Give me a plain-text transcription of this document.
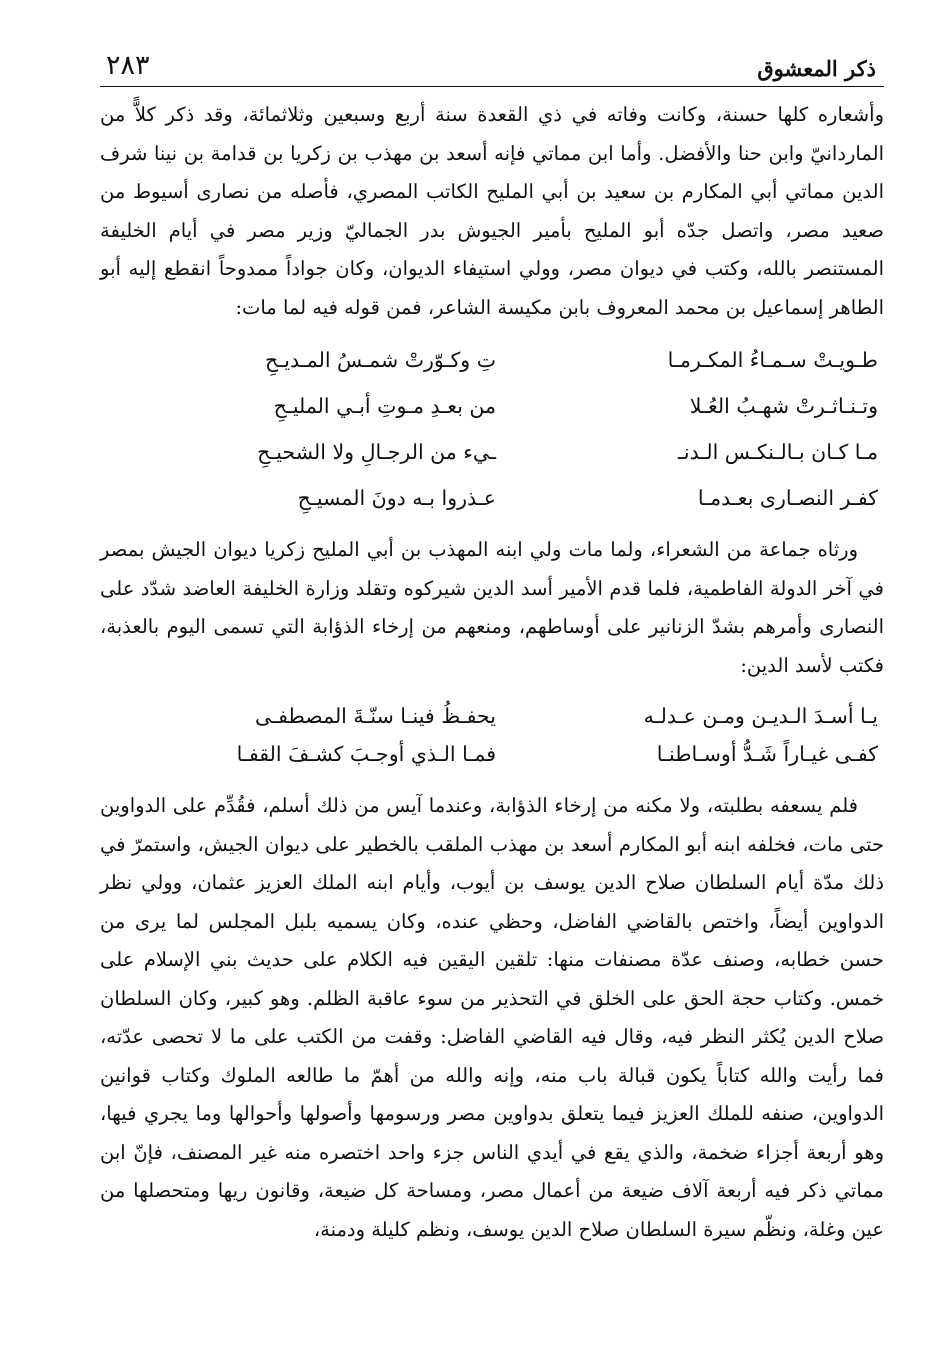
ذكر المعشوق
٢٨٣

وأشعاره كلها حسنة، وكانت وفاته في ذي القعدة سنة أربع وسبعين وثلاثمائة، وقد ذكر كلاًّ من الماردانيّ وابن حنا والأفضل. وأما ابن مماتي فإنه أسعد بن مهذب بن زكريا بن قدامة بن نينا شرف الدين مماتي أبي المكارم بن سعيد بن أبي المليح الكاتب المصري، فأصله من نصارى أسيوط من صعيد مصر، واتصل جدّه أبو المليح بأمير الجيوش بدر الجماليّ وزير مصر في أيام الخليفة المستنصر بالله، وكتب في ديوان مصر، وولي استيفاء الديوان، وكان جواداً ممدوحاً انقطع إليه أبو الطاهر إسماعيل بن محمد المعروف بابن مكيسة الشاعر، فمن قوله فيه لما مات:

طـويـتْ سـمـاءُ المكـرمـا
تِ وكـوّرتْ شمـسُ المـديـحِ
وتـنـاثـرتْ شهـبُ العُـلا
من بعـدِ مـوتِ أبـي المليـحِ
مـا كـان بـالـنكـس الـدنـ
ـيء من الرجـالِ ولا الشحيـحِ
كفـر النصـارى بعـدمـا
عـذروا بـه دونَ المسيـحِ

ورثاه جماعة من الشعراء، ولما مات ولي ابنه المهذب بن أبي المليح زكريا ديوان الجيش بمصر في آخر الدولة الفاطمية، فلما قدم الأمير أسد الدين شيركوه وتقلد وزارة الخليفة العاضد شدّد على النصارى وأمرهم بشدّ الزنانير على أوساطهم، ومنعهم من إرخاء الذؤابة التي تسمى اليوم بالعذبة، فكتب لأسد الدين:

يـا أسـدَ الـديـن ومـن عـدلـه
يحفـظُ فينـا سنّـةَ المصطفـى
كفـى غيـاراً شَـدُّ أوسـاطنـا
فمـا الـذي أوجـبَ كشـفَ القفـا

فلم يسعفه بطلبته، ولا مكنه من إرخاء الذؤابة، وعندما آيس من ذلك أسلم، فقُدِّم على الدواوين حتى مات، فخلفه ابنه أبو المكارم أسعد بن مهذب الملقب بالخطير على ديوان الجيش، واستمرّ في ذلك مدّة أيام السلطان صلاح الدين يوسف بن أيوب، وأيام ابنه الملك العزيز عثمان، وولي نظر الدواوين أيضاً، واختص بالقاضي الفاضل، وحظي عنده، وكان يسميه بلبل المجلس لما يرى من حسن خطابه، وصنف عدّة مصنفات منها: تلقين اليقين فيه الكلام على حديث بني الإسلام على خمس. وكتاب حجة الحق على الخلق في التحذير من سوء عاقبة الظلم. وهو كبير، وكان السلطان صلاح الدين يُكثر النظر فيه، وقال فيه القاضي الفاضل: وقفت من الكتب على ما لا تحصى عدّته، فما رأيت والله كتاباً يكون قبالة باب منه، وإنه والله من أهمّ ما طالعه الملوك وكتاب قوانين الدواوين، صنفه للملك العزيز فيما يتعلق بدواوين مصر ورسومها وأصولها وأحوالها وما يجري فيها، وهو أربعة أجزاء ضخمة، والذي يقع في أيدي الناس جزء واحد اختصره منه غير المصنف، فإنّ ابن مماتي ذكر فيه أربعة آلاف ضيعة من أعمال مصر، ومساحة كل ضيعة، وقانون ريها ومتحصلها من عين وغلة، ونظّم سيرة السلطان صلاح الدين يوسف، ونظم كليلة ودمنة،
